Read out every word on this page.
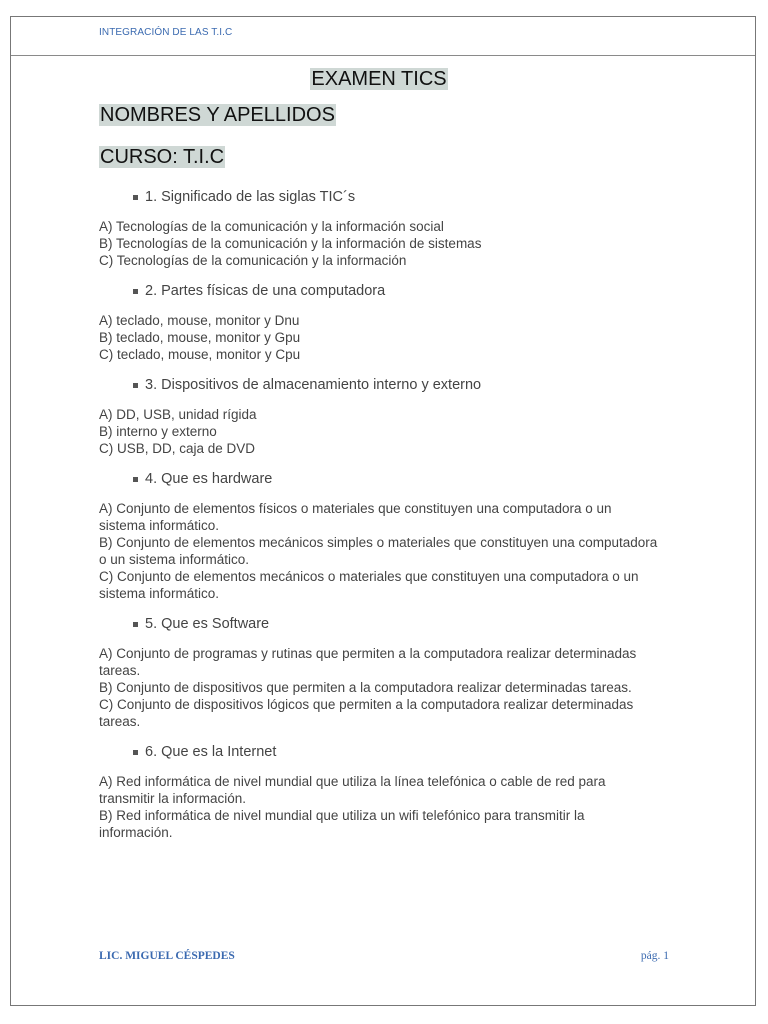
INTEGRACIÓN DE LAS T.I.C
EXAMEN TICS
NOMBRES Y APELLIDOS
CURSO: T.I.C
1. Significado de las siglas TIC´s

A) Tecnologías de la comunicación y la información social

B) Tecnologías de la comunicación y la información de sistemas

C) Tecnologías de la comunicación y la información

2. Partes físicas de una computadora

A) teclado, mouse, monitor y Dnu

B) teclado, mouse, monitor y Gpu

C) teclado, mouse, monitor y Cpu

3. Dispositivos de almacenamiento interno y externo

A) DD, USB, unidad rígida

B) interno y externo

C) USB, DD, caja de DVD

4. Que es hardware

A) Conjunto de elementos físicos o materiales que constituyen una computadora o un sistema informático.

B) Conjunto de elementos mecánicos simples o materiales que constituyen una computadora o un sistema informático.

C) Conjunto de elementos mecánicos o materiales que constituyen una computadora o un sistema informático.

5. Que es Software

A) Conjunto de programas y rutinas que permiten a la computadora realizar determinadas tareas.

B) Conjunto de dispositivos que permiten a la computadora realizar determinadas tareas.

C) Conjunto de dispositivos lógicos que permiten a la computadora realizar determinadas tareas.

6. Que es la Internet

A) Red informática de nivel mundial que utiliza la línea telefónica o cable de red para transmitir la información.

B) Red informática de nivel mundial que utiliza un wifi telefónico para transmitir la información.

LIC. MIGUEL CÉSPEDES	pág. 1
